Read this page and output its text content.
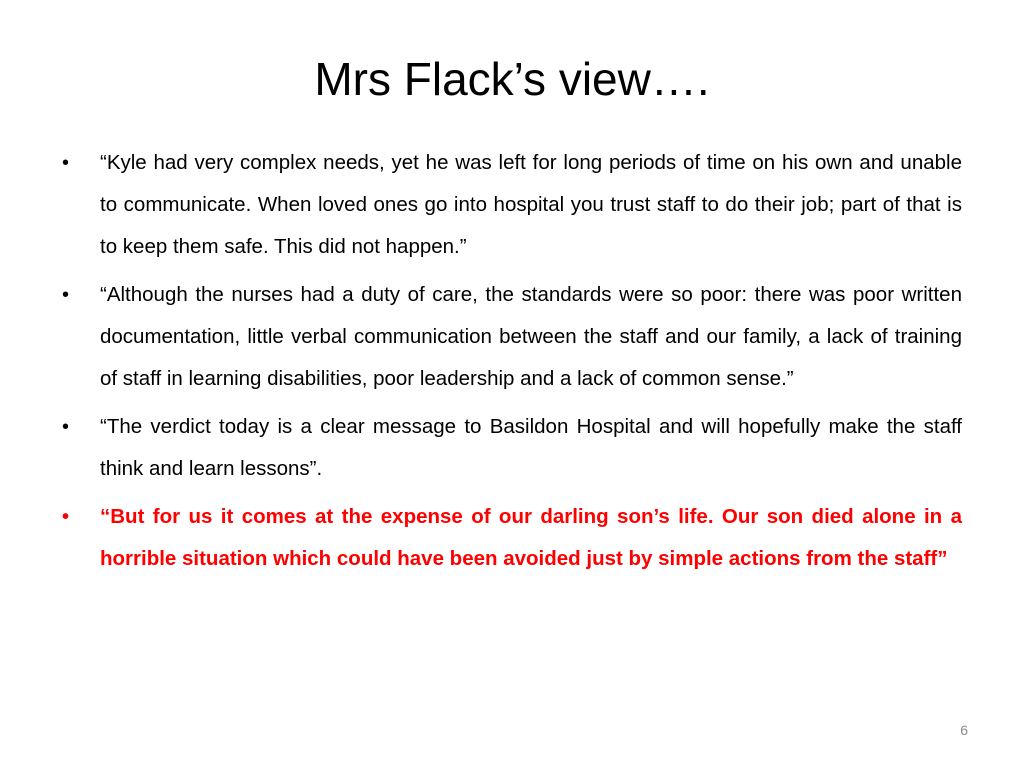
Mrs Flack’s view….
•	“Kyle had very complex needs, yet he was left for long periods of time on his own and unable to communicate. When loved ones go into hospital you trust staff to do their job; part of that is to keep them safe. This did not happen.”
•	“Although the nurses had a duty of care, the standards were so poor: there was poor written documentation, little verbal communication between the staff and our family, a lack of training of staff in learning disabilities, poor leadership and a lack of common sense.”
•	“The verdict today is a clear message to Basildon Hospital and will hopefully make the staff think and learn lessons”.
•	“But for us it comes at the expense of our darling son’s life. Our son died alone in a horrible situation which could have been avoided just by simple actions from the staff”
6
